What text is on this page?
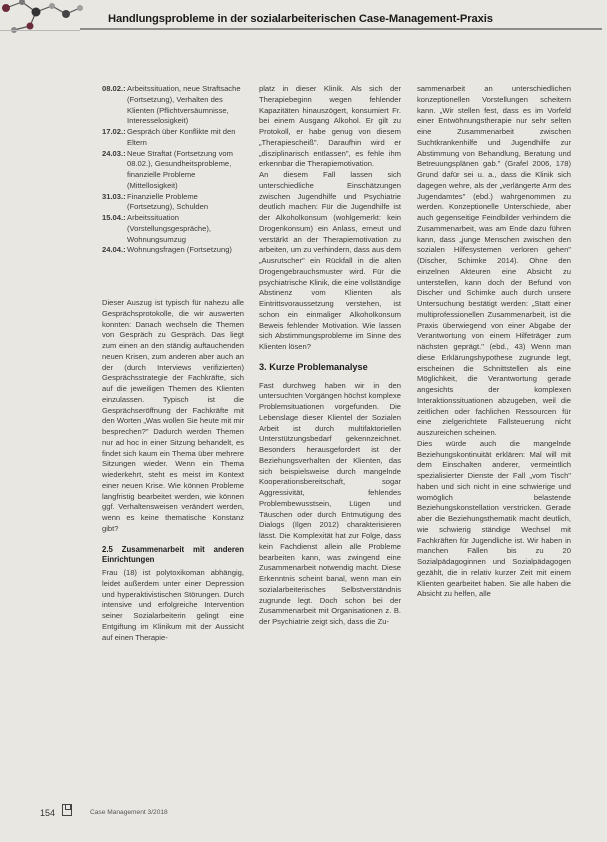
Handlungsprobleme in der sozialarbeiterischen Case-Management-Praxis
08.02.: Arbeitssituation, neue Straftsache (Fortsetzung), Verhalten des Klienten (Pflichtversäumnisse, Interesselosigkeit)
17.02.: Gespräch über Konflikte mit den Eltern
24.03.: Neue Straftat (Fortsetzung vom 08.02.), Gesundheitsprobleme, finanzielle Probleme (Mittellosigkeit)
31.03.: Finanzielle Probleme (Fortsetzung), Schulden
15.04.: Arbeitssituation (Vorstellungsgespräche), Wohnungsumzug
24.04.: Wohnungsfragen (Fortsetzung)

Dieser Auszug ist typisch für nahezu alle Gesprächsprotokolle, die wir auswerten konnten: Danach wechseln die Themen von Gespräch zu Gespräch. Das liegt zum einen an den ständig auftauchenden neuen Krisen, zum anderen aber auch an der (durch Interviews verifizierten) Gesprächsstrategie der Fachkräfte, sich auf die jeweiligen Themen des Klienten einzulassen. Typisch ist die Gesprächseröffnung der Fachkräfte mit den Worten „Was wollen Sie heute mit mir besprechen?" Dadurch werden Themen nur ad hoc in einer Sitzung behandelt, es findet sich kaum ein Thema über mehrere Sitzungen wieder. Wenn ein Thema wiederkehrt, steht es meist im Kontext einer neuen Krise. Wie können Probleme langfristig bearbeitet werden, wie können ggf. Verhaltensweisen verändert werden, wenn es keine thematische Konstanz gibt?

2.5 Zusammenarbeit mit anderen Einrichtungen

Frau (18) ist polytoxikoman abhängig, leidet außerdem unter einer Depression und hyperaktivistischen Störungen. Durch intensive und erfolgreiche Intervention seiner Sozialarbeiterin gelingt eine Entgiftung im Klinikum mit der Aussicht auf einen Therapie-

platz in dieser Klinik. Als sich der Therapiebeginn wegen fehlender Kapazitäten hinauszögert, konsumiert Fr. bei einem Ausgang Alkohol. Er gilt zu Protokoll, er habe genug von diesem „Therapiescheiß". Daraufhin wird er „disziplinarisch entlassen", es fehle ihm erkennbar die Therapiemotivation.

An diesem Fall lassen sich unterschiedliche Einschätzungen zwischen Jugendhilfe und Psychiatrie deutlich machen: Für die Jugendhilfe ist der Alkoholkonsum (wohlgemerkt: kein Drogenkonsum) ein Anlass, erneut und verstärkt an der Therapiemotivation zu arbeiten, um zu verhindern, dass aus dem „Ausrutscher" ein Rückfall in die alten Drogengebrauchsmuster wird. Für die psychiatrische Klinik, die eine vollständige Abstinenz vom Klienten als Eintrittsvoraussetzung verstehen, ist schon ein einmaliger Alkoholkonsum Beweis fehlender Motivation. Wie lassen sich Abstimmungsprobleme im Sinne des Klienten lösen?

3. Kurze Problemanalyse

Fast durchweg haben wir in den untersuchten Vorgängen höchst komplexe Problemsituationen vorgefunden. Die Lebenslage dieser Klientel der Sozialen Arbeit ist durch multifaktoriellen Unterstützungsbedarf gekennzeichnet. Besonders herausgefordert ist der Beziehungsverhalten der Klienten, das sich beispielsweise durch mangelnde Kooperationsbereitschaft, sogar Aggressivität, fehlendes Problembewusstsein, Lügen und Täuschen oder durch Entmutigung des Dialogs (Ilgen 2012) charakterisieren lässt. Die Komplexität hat zur Folge, dass kein Fachdienst allein alle Probleme bearbeiten kann, was zwingend eine Zusammenarbeit notwendig macht. Diese Erkenntnis scheint banal, wenn man ein sozialarbeiterisches Selbstverständnis zugrunde legt. Doch schon bei der Zusammenarbeit mit Organisationen z. B. der Psychiatrie zeigt sich, dass die Zu-

sammenarbeit an unterschiedlichen konzeptionellen Vorstellungen scheitern kann. „Wir stellen fest, dass es im Vorfeld einer Entwöhnungstherapie nur sehr selten eine Zusammenarbeit zwischen Suchtkrankenhilfe und Jugendhilfe zur Abstimmung von Behandlung, Beratung und Betreuungsplänen gab." (Grafel 2006, 178) Grund dafür sei u. a., dass die Klinik sich dagegen wehre, als der „verlängerte Arm des Jugendamtes" (ebd.) wahrgenommen zu werden. Konzeptionelle Unterschiede, aber auch gegenseitige Feindbilder verhindern die Zusammenarbeit, was am Ende dazu führen kann, dass „junge Menschen zwischen den sozialen Hilfesystemen verloren gehen" (Discher, Schimke 2014). Ohne den einzelnen Akteuren eine Absicht zu unterstellen, kann doch der Befund von Discher und Schimke auch durch unsere Untersuchung bestätigt werden: „Statt einer multiprofessionellen Zusammenarbeit, ist die Praxis überwiegend von einer Abgabe der Verantwortung von einem Hilfeträger zum nächsten geprägt." (ebd., 43) Wenn man diese Erklärungshypothese zugrunde legt, erscheinen die Schnittstellen als eine Möglichkeit, die Verantwortung gerade angesichts der komplexen Interaktionssituationen abzugeben, weil die zeitlichen oder fachlichen Ressourcen für eine zielgerichtete Fallsteuerung nicht auszureichen scheinen.

Dies würde auch die mangelnde Beziehungskontinuität erklären: Mal will mit dem Einschalten anderer, vermeintlich spezialisierter Dienste der Fall „vom Tisch" haben und sich nicht in eine schwierige und womöglich belastende Beziehungskonstellation verstricken. Gerade aber die Beziehungsthematik macht deutlich, wie schwierig ständige Wechsel mit Fachkräften für Jugendliche ist. Wir haben in manchen Fällen bis zu 20 Sozialpädagoginnen und Sozialpädagogen gezählt, die in relativ kurzer Zeit mit einem Klienten gearbeitet haben. Sie alle haben die Absicht zu helfen, alle

154	Case Management 3/2018
